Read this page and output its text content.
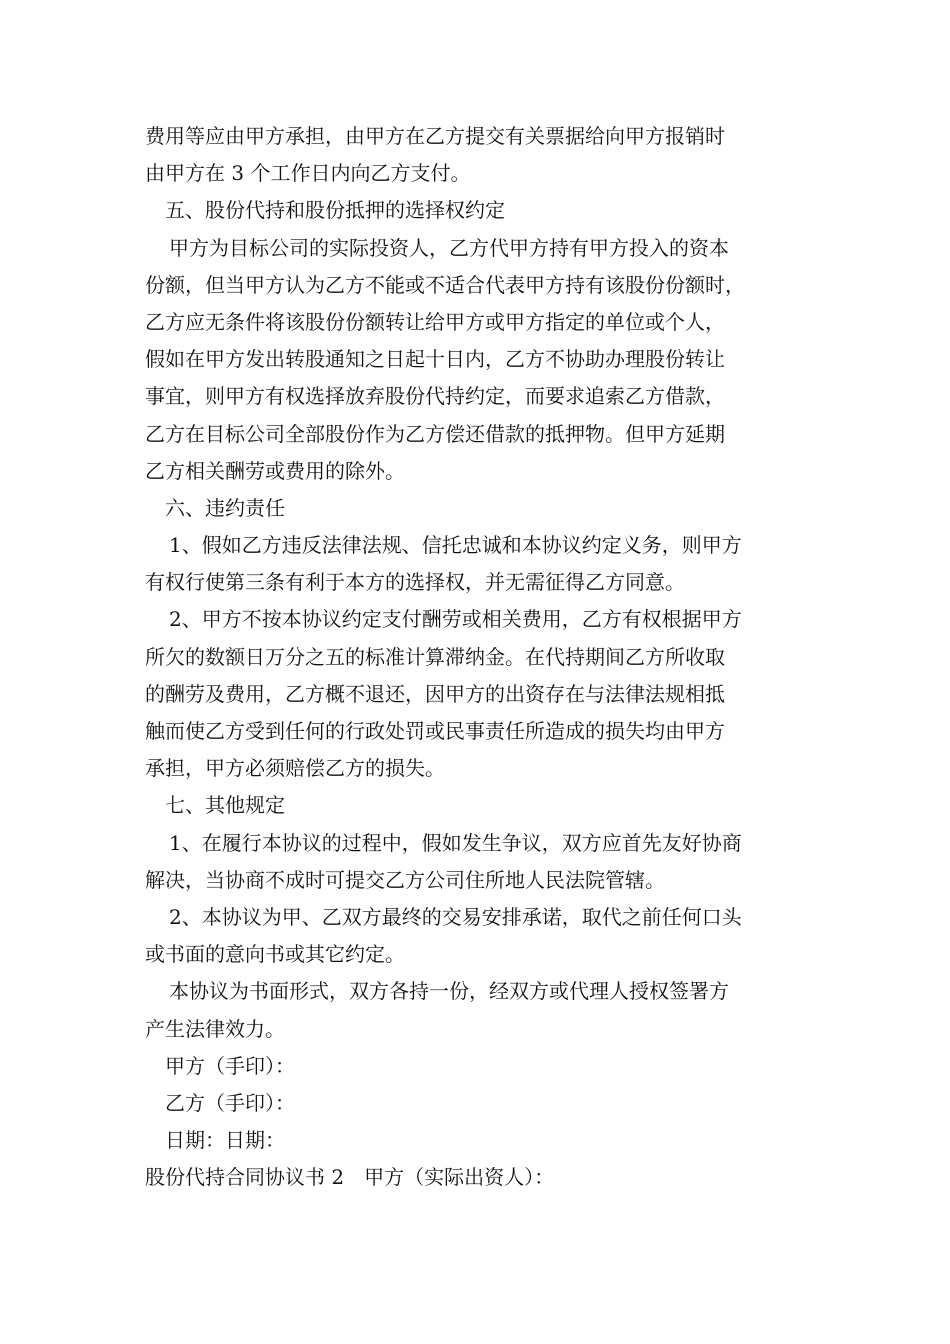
费用等应由甲方承担，由甲方在乙方提交有关票据给向甲方报销时
由甲方在 3 个工作日内向乙方支付。
五、股份代持和股份抵押的选择权约定
甲方为目标公司的实际投资人，乙方代甲方持有甲方投入的资本
份额，但当甲方认为乙方不能或不适合代表甲方持有该股份份额时，
乙方应无条件将该股份份额转让给甲方或甲方指定的单位或个人，
假如在甲方发出转股通知之日起十日内，乙方不协助办理股份转让
事宜，则甲方有权选择放弃股份代持约定，而要求追索乙方借款，
乙方在目标公司全部股份作为乙方偿还借款的抵押物。但甲方延期
乙方相关酬劳或费用的除外。
六、违约责任
1、假如乙方违反法律法规、信托忠诚和本协议约定义务，则甲方
有权行使第三条有利于本方的选择权，并无需征得乙方同意。
2、甲方不按本协议约定支付酬劳或相关费用，乙方有权根据甲方
所欠的数额日万分之五的标准计算滞纳金。在代持期间乙方所收取
的酬劳及费用，乙方概不退还，因甲方的出资存在与法律法规相抵
触而使乙方受到任何的行政处罚或民事责任所造成的损失均由甲方
承担，甲方必须赔偿乙方的损失。
七、其他规定
1、在履行本协议的过程中，假如发生争议，双方应首先友好协商
解决，当协商不成时可提交乙方公司住所地人民法院管辖。
2、本协议为甲、乙双方最终的交易安排承诺，取代之前任何口头
或书面的意向书或其它约定。
本协议为书面形式，双方各持一份，经双方或代理人授权签署方
产生法律效力。
甲方（手印）：
乙方（手印）：
日期：日期：
股份代持合同协议书 2　甲方（实际出资人）：
